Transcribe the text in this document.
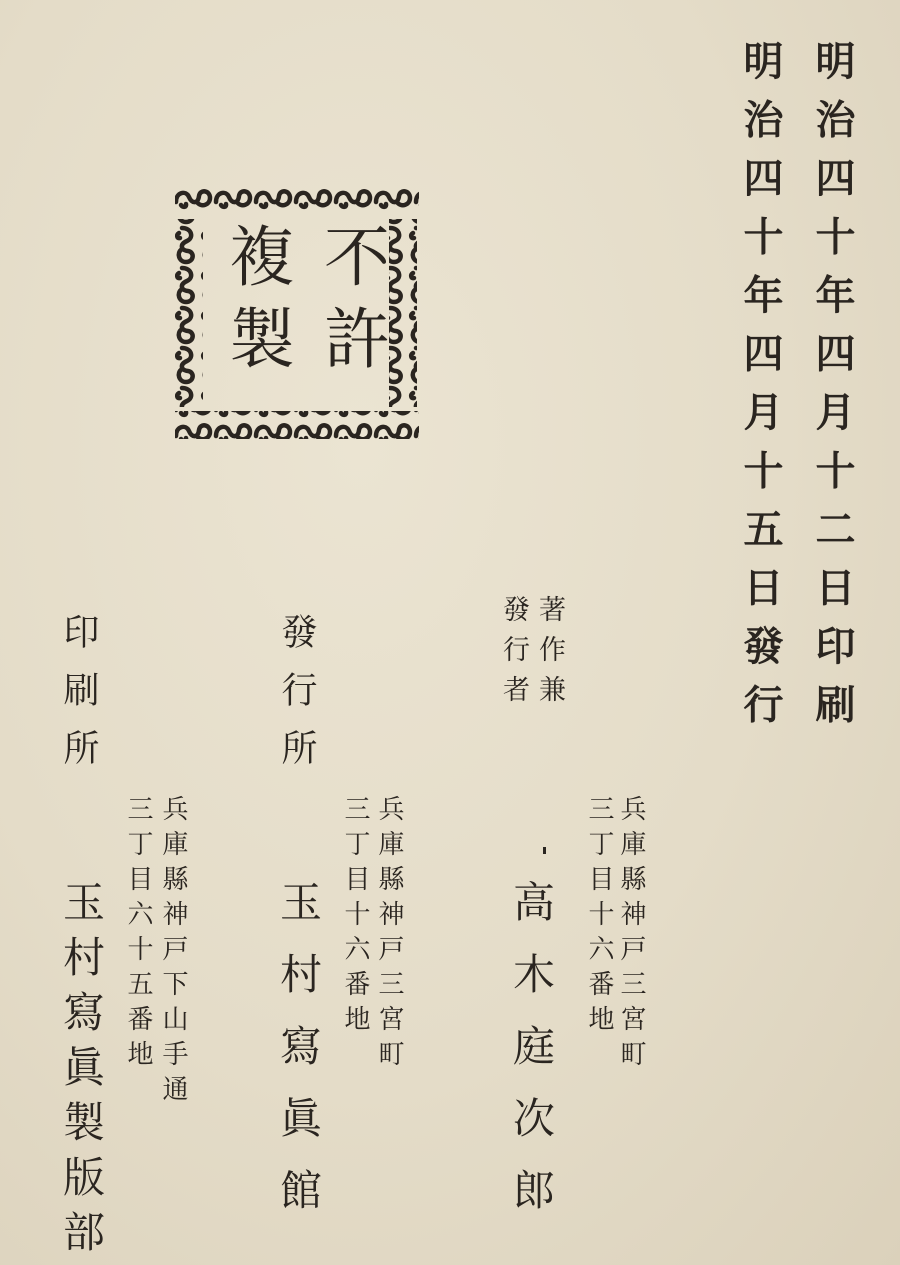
明治四十年四月十二日印刷
明治四十年四月十五日發行
不
許
複
製
著作兼
發行者
兵庫縣神戸三宮町
三丁目十六番地
高木庭次郎
發行所
兵庫縣神戸三宮町
三丁目十六番地
玉村寫眞館
印刷所
兵庫縣神戸下山手通
三丁目六十五番地
玉村寫眞製版部
